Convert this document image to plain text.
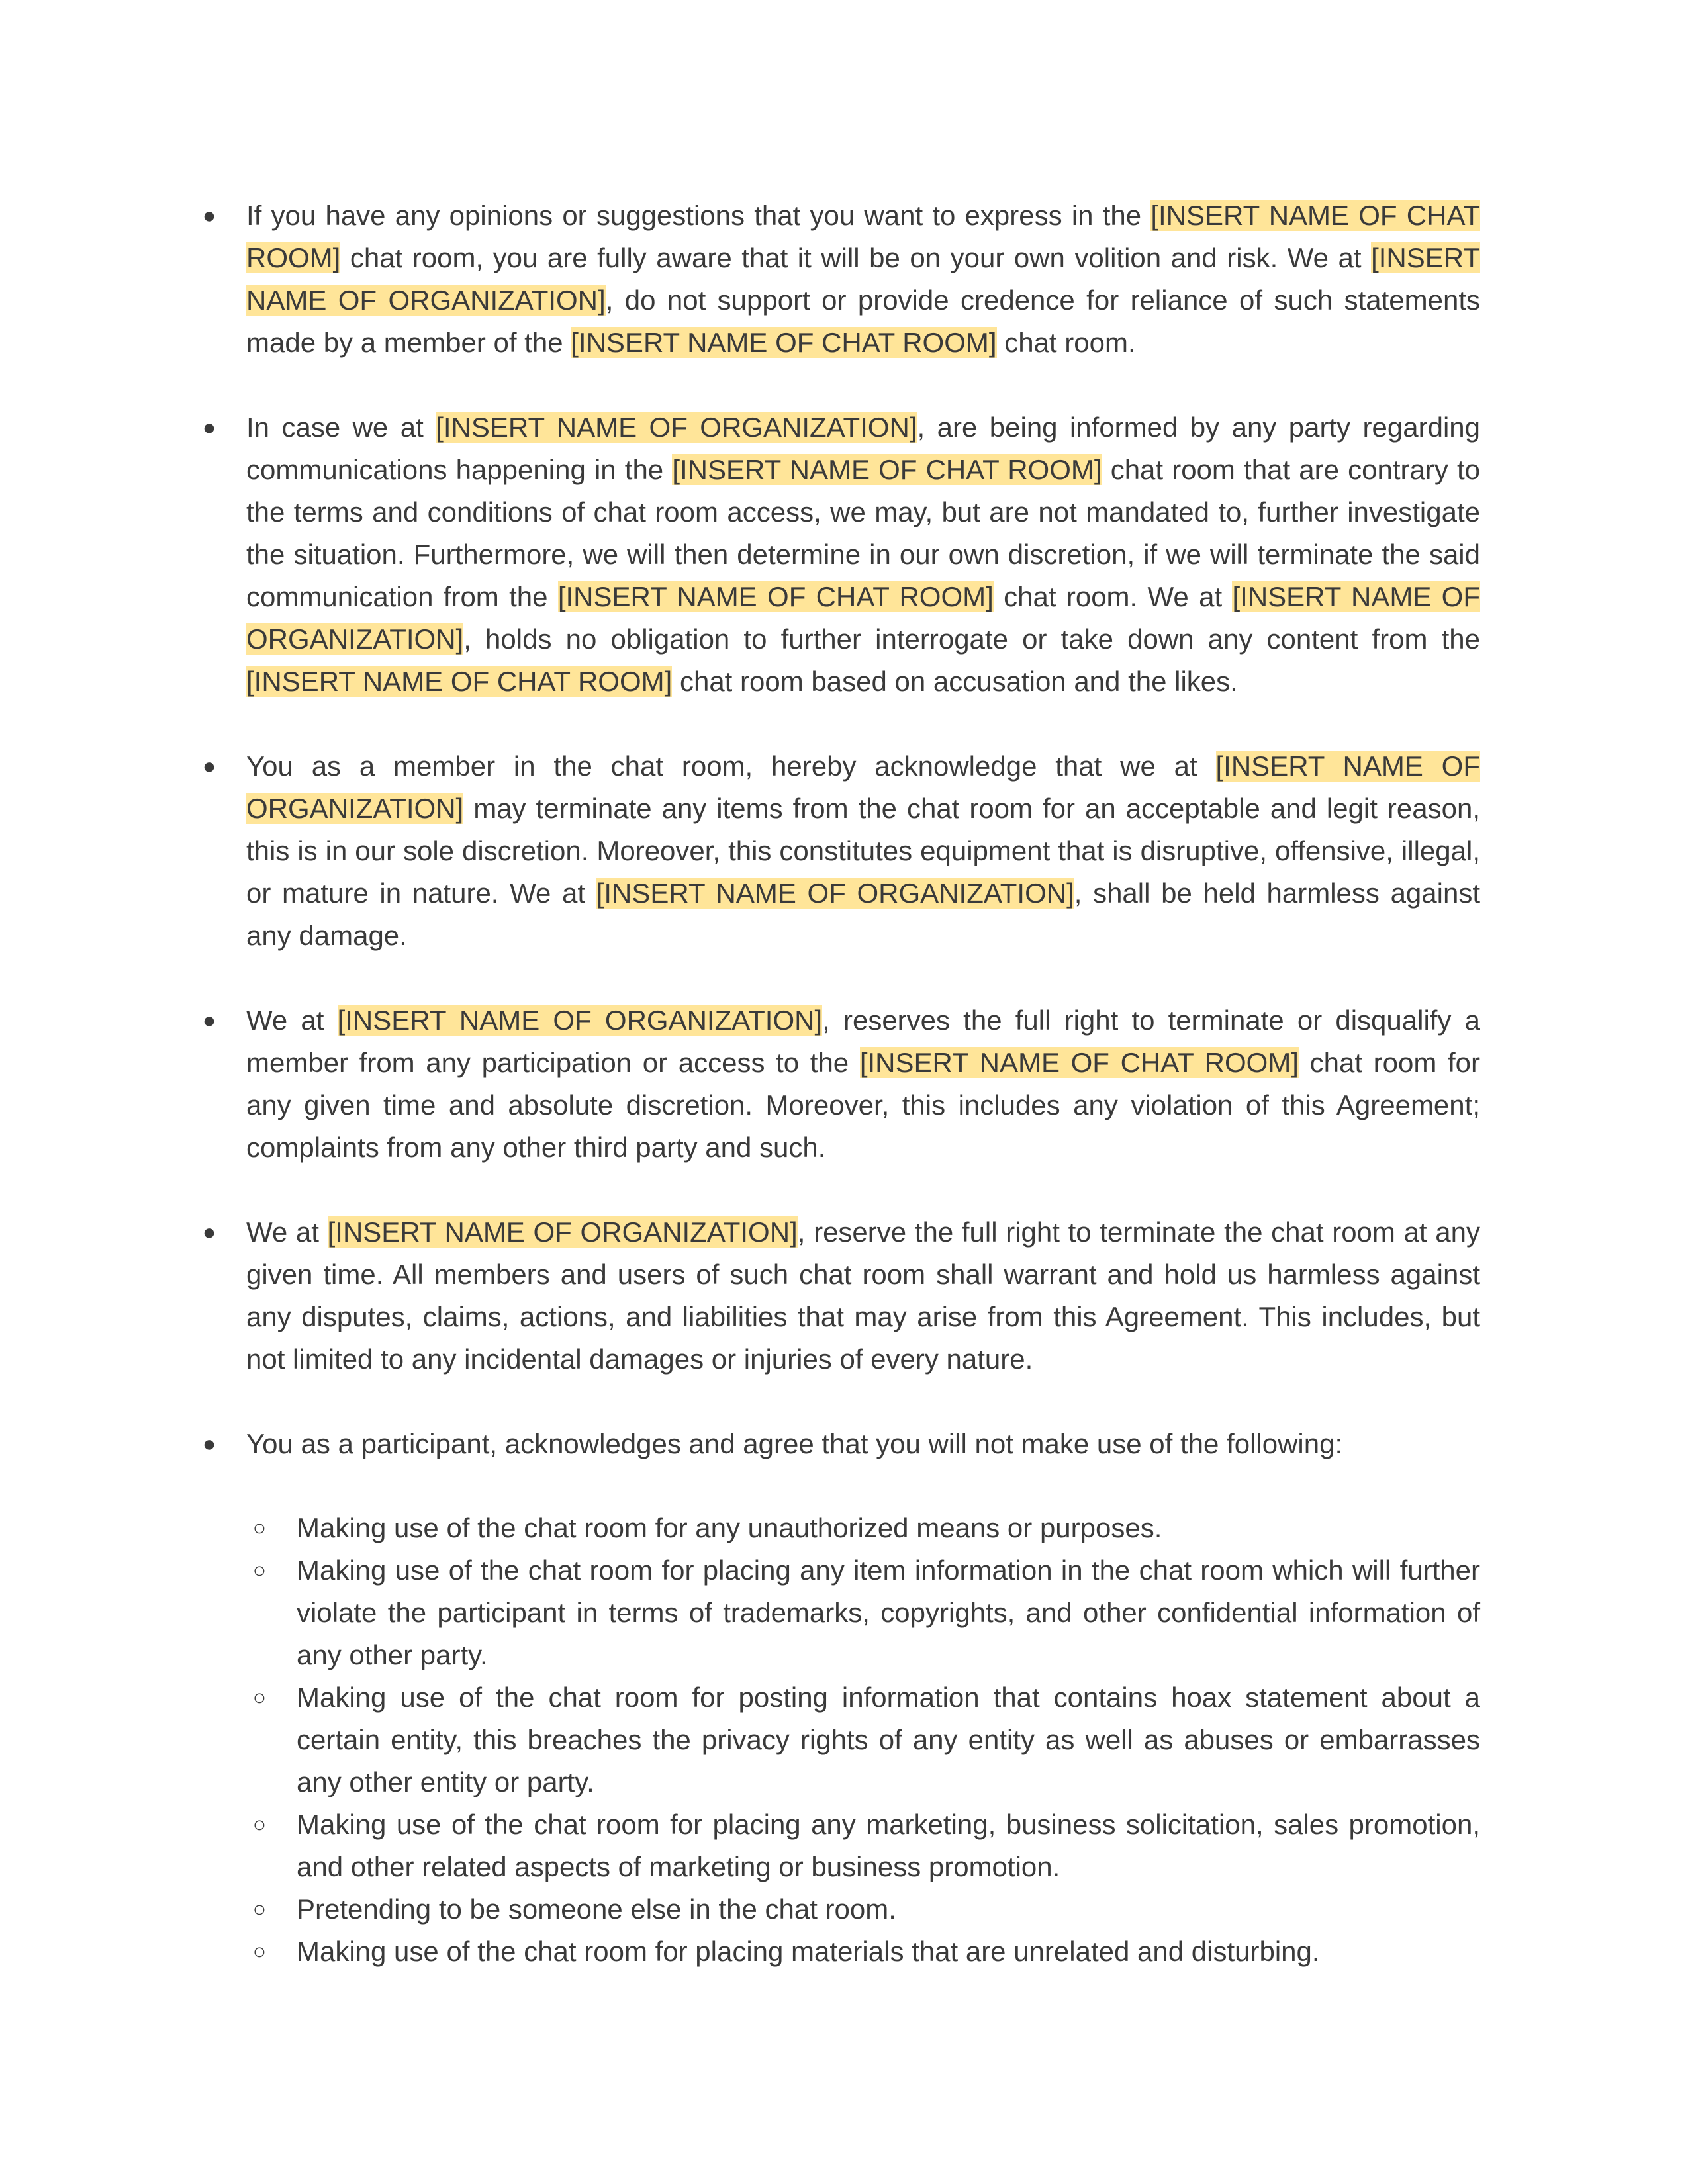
● If you have any opinions or suggestions that you want to express in the [INSERT NAME OF CHAT ROOM] chat room, you are fully aware that it will be on your own volition and risk. We at [INSERT NAME OF ORGANIZATION], do not support or provide credence for reliance of such statements made by a member of the [INSERT NAME OF CHAT ROOM] chat room.
● In case we at [INSERT NAME OF ORGANIZATION], are being informed by any party regarding communications happening in the [INSERT NAME OF CHAT ROOM] chat room that are contrary to the terms and conditions of chat room access, we may, but are not mandated to, further investigate the situation. Furthermore, we will then determine in our own discretion, if we will terminate the said communication from the [INSERT NAME OF CHAT ROOM] chat room. We at [INSERT NAME OF ORGANIZATION], holds no obligation to further interrogate or take down any content from the [INSERT NAME OF CHAT ROOM] chat room based on accusation and the likes.
● You as a member in the chat room, hereby acknowledge that we at [INSERT NAME OF ORGANIZATION] may terminate any items from the chat room for an acceptable and legit reason, this is in our sole discretion. Moreover, this constitutes equipment that is disruptive, offensive, illegal, or mature in nature. We at [INSERT NAME OF ORGANIZATION], shall be held harmless against any damage.
● We at [INSERT NAME OF ORGANIZATION], reserves the full right to terminate or disqualify a member from any participation or access to the [INSERT NAME OF CHAT ROOM] chat room for any given time and absolute discretion. Moreover, this includes any violation of this Agreement; complaints from any other third party and such.
● We at [INSERT NAME OF ORGANIZATION], reserve the full right to terminate the chat room at any given time. All members and users of such chat room shall warrant and hold us harmless against any disputes, claims, actions, and liabilities that may arise from this Agreement. This includes, but not limited to any incidental damages or injuries of every nature.
● You as a participant, acknowledges and agree that you will not make use of the following:
○ Making use of the chat room for any unauthorized means or purposes.
○ Making use of the chat room for placing any item information in the chat room which will further violate the participant in terms of trademarks, copyrights, and other confidential information of any other party.
○ Making use of the chat room for posting information that contains hoax statement about a certain entity, this breaches the privacy rights of any entity as well as abuses or embarrasses any other entity or party.
○ Making use of the chat room for placing any marketing, business solicitation, sales promotion, and other related aspects of marketing or business promotion.
○ Pretending to be someone else in the chat room.
○ Making use of the chat room for placing materials that are unrelated and disturbing.
